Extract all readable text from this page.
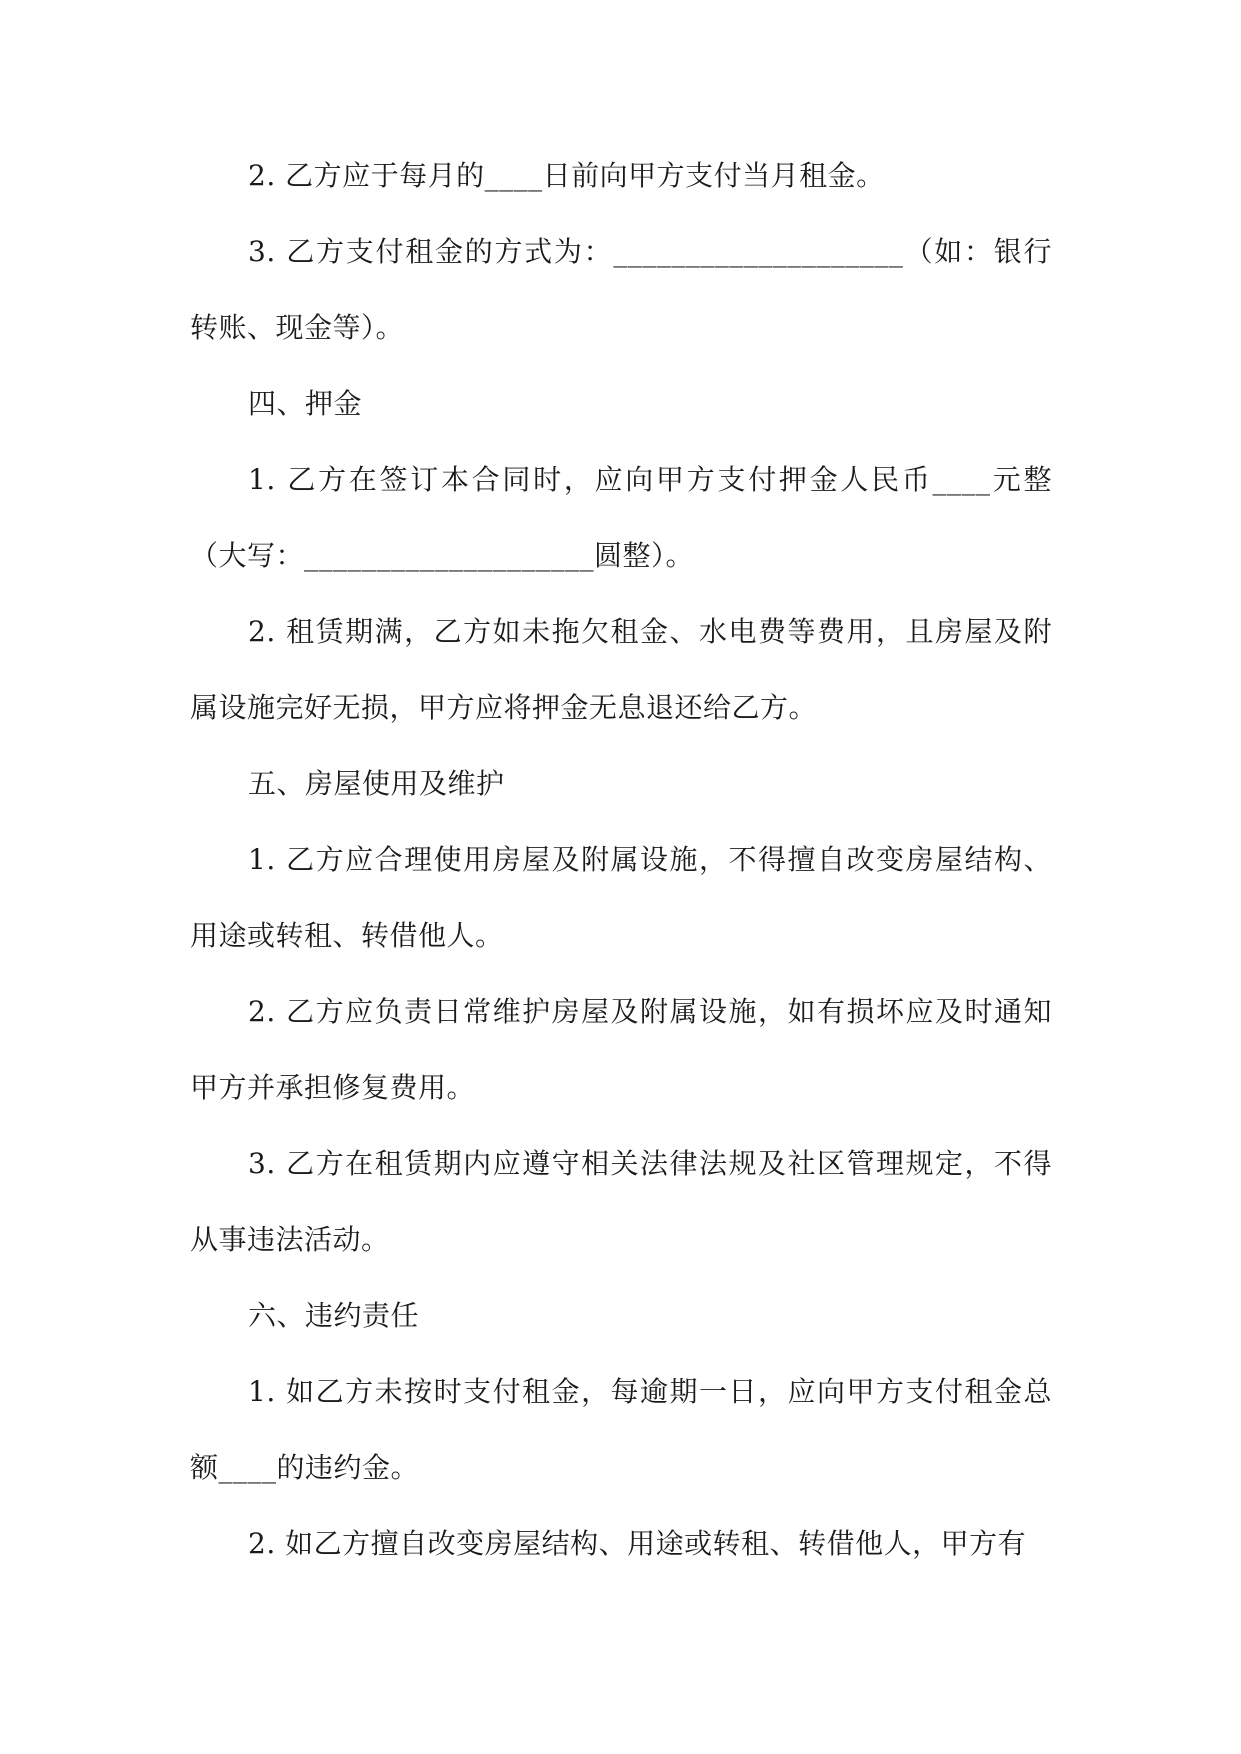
2. 乙方应于每月的____日前向甲方支付当月租金。

3. 乙方支付租金的方式为：____________________（如：银行转账、现金等）。

四、押金

1. 乙方在签订本合同时，应向甲方支付押金人民币____元整（大写：____________________圆整）。

2. 租赁期满，乙方如未拖欠租金、水电费等费用，且房屋及附属设施完好无损，甲方应将押金无息退还给乙方。

五、房屋使用及维护

1. 乙方应合理使用房屋及附属设施，不得擅自改变房屋结构、用途或转租、转借他人。

2. 乙方应负责日常维护房屋及附属设施，如有损坏应及时通知甲方并承担修复费用。

3. 乙方在租赁期内应遵守相关法律法规及社区管理规定，不得从事违法活动。

六、违约责任

1. 如乙方未按时支付租金，每逾期一日，应向甲方支付租金总额____的违约金。

2. 如乙方擅自改变房屋结构、用途或转租、转借他人，甲方有
